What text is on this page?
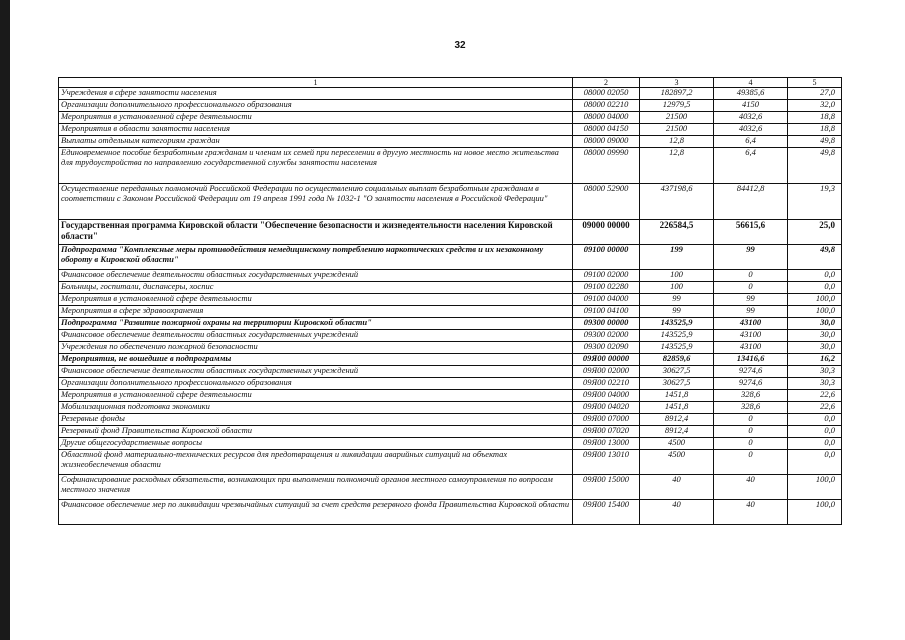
32
1	2	3	4	5
Учреждения в сфере занятости населения	08000 02050	182897,2	49385,6	27,0
Организации дополнительного профессионального образования	08000 02210	12979,5	4150	32,0
Мероприятия в установленной сфере деятельности	08000 04000	21500	4032,6	18,8
Мероприятия в области занятости населения	08000 04150	21500	4032,6	18,8
Выплаты отдельным категориям граждан	08000 09000	12,8	6,4	49,8
Единовременное пособие безработным гражданам и членам их семей при переселении в другую местность на новое место жительства для трудоустройства по направлению государственной службы занятости населения	08000 09990	12,8	6,4	49,8
Осуществление переданных полномочий Российской Федерации по осуществлению социальных выплат безработным гражданам в соответствии с Законом Российской Федерации от 19 апреля 1991 года № 1032-1 "О занятости населения в Российской Федерации"	08000 52900	437198,6	84412,8	19,3
Государственная программа Кировской области "Обеспечение безопасности и жизнедеятельности населения Кировской области"	09000 00000	226584,5	56615,6	25,0
Подпрограмма "Комплексные меры противодействия немедицинскому потреблению наркотических средств и их незаконному обороту в Кировской области"	09100 00000	199	99	49,8
Финансовое обеспечение деятельности областных государственных учреждений	09100 02000	100	0	0,0
Больницы, госпитали, диспансеры, хоспис	09100 02280	100	0	0,0
Мероприятия в установленной сфере деятельности	09100 04000	99	99	100,0
Мероприятия в сфере здравоохранения	09100 04100	99	99	100,0
Подпрограмма "Развитие пожарной охраны на территории Кировской области"	09300 00000	143525,9	43100	30,0
Финансовое обеспечение деятельности областных государственных учреждений	09300 02000	143525,9	43100	30,0
Учреждения по обеспечению пожарной безопасности	09300 02090	143525,9	43100	30,0
Мероприятия, не вошедшие в подпрограммы	09Я00 00000	82859,6	13416,6	16,2
Финансовое обеспечение деятельности областных государственных учреждений	09Я00 02000	30627,5	9274,6	30,3
Организации дополнительного профессионального образования	09Я00 02210	30627,5	9274,6	30,3
Мероприятия в установленной сфере деятельности	09Я00 04000	1451,8	328,6	22,6
Мобилизационная подготовка экономики	09Я00 04020	1451,8	328,6	22,6
Резервные фонды	09Я00 07000	8912,4	0	0,0
Резервный фонд Правительства Кировской области	09Я00 07020	8912,4	0	0,0
Другие общегосударственные вопросы	09Я00 13000	4500	0	0,0
Областной фонд материально-технических ресурсов для предотвращения и ликвидации аварийных ситуаций на объектах жизнеобеспечения области	09Я00 13010	4500	0	0,0
Софинансирование расходных обязательств, возникающих при выполнении полномочий органов местного самоуправления по вопросам местного значения	09Я00 15000	40	40	100,0
Финансовое обеспечение мер по ликвидации чрезвычайных ситуаций за счет средств резервного фонда Правительства Кировской области	09Я00 15400	40	40	100,0
